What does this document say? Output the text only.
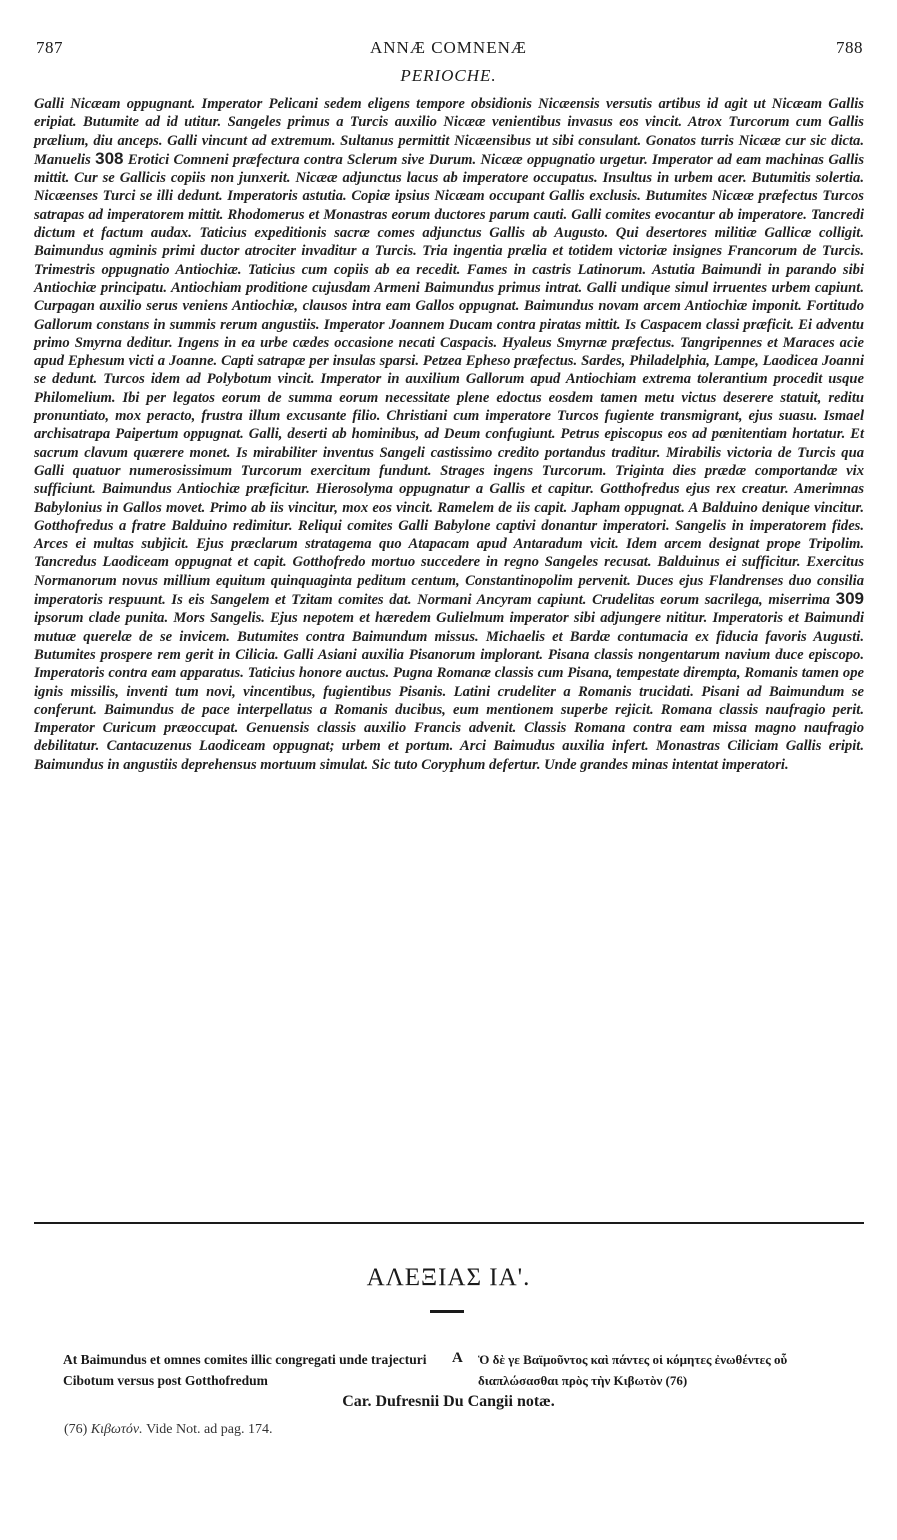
787	ANNÆ COMNENÆ	788
PERIOCHE.
Galli Nicæam oppugnant. Imperator Pelicani sedem eligens tempore obsidionis Nicæensis versutis artibus id agit ut Nicæam Gallis eripiat. Butumite ad id utitur. Sangeles primus a Turcis auxilio Nicææ venientibus invasus eos vincit. Atrox Turcorum cum Gallis prælium, diu anceps. Galli vincunt ad extremum. Sultanus permittit Nicæensibus ut sibi consulant. Gonatos turris Nicææ cur sic dicta. Manuelis 308 Erotici Comneni præfectura contra Sclerum sive Durum. Nicææ oppugnatio urgetur. Imperator ad eam machinas Gallis mittit. Cur se Gallicis copiis non junxerit. Nicææ adjunctus lacus ab imperatore occupatus. Insultus in urbem acer. Butumitis solertia. Nicæenses Turci se illi dedunt. Imperatoris astutia. Copiæ ipsius Nicæam occupant Gallis exclusis. Butumites Nicææ præfectus Turcos satrapas ad imperatorem mittit. Rhodomerus et Monastras eorum ductores parum cauti. Galli comites evocantur ab imperatore. Tancredi dictum et factum audax. Taticius expeditionis sacræ comes adjunctus Gallis ab Augusto. Qui desertores militiæ Gallicæ colligit. Baimundus agminis primi ductor atrociter invaditur a Turcis. Tria ingentia prælia et totidem victoriæ insignes Francorum de Turcis. Trimestris oppugnatio Antiochiæ. Taticius cum copiis ab ea recedit. Fames in castris Latinorum. Astutia Baimundi in parando sibi Antiochiæ principatu. Antiochiam proditione cujusdam Armeni Baimundus primus intrat. Galli undique simul irruentes urbem capiunt. Curpagan auxilio serus veniens Antiochiæ, clausos intra eam Gallos oppugnat. Baimundus novam arcem Antiochiæ imponit. Fortitudo Gallorum constans in summis rerum angustiis. Imperator Joannem Ducam contra piratas mittit. Is Caspacem classi præficit. Ei adventu primo Smyrna deditur. Ingens in ea urbe cædes occasione necati Caspacis. Hyaleus Smyrnæ præfectus. Tangripennes et Maraces acie apud Ephesum victi a Joanne. Capti satrapæ per insulas sparsi. Petzea Epheso præfectus. Sardes, Philadelphia, Lampe, Laodicea Joanni se dedunt. Turcos idem ad Polybotum vincit. Imperator in auxilium Gallorum apud Antiochiam extrema tolerantium procedit usque Philomelium. Ibi per legatos eorum de summa eorum necessitate plene edoctus eosdem tamen metu victus deserere statuit, reditu pronuntiato, mox peracto, frustra illum excusante filio. Christiani cum imperatore Turcos fugiente transmigrant, ejus suasu. Ismael archisatrapa Paipertum oppugnat. Galli, deserti ab hominibus, ad Deum confugiunt. Petrus episcopus eos ad pœnitentiam hortatur. Et sacrum clavum quærere monet. Is mirabiliter inventus Sangeli castissimo credito portandus traditur. Mirabilis victoria de Turcis qua Galli quatuor numerosissimum Turcorum exercitum fundunt. Strages ingens Turcorum. Triginta dies prædæ comportandæ vix sufficiunt. Baimundus Antiochiæ præficitur. Hierosolyma oppugnatur a Gallis et capitur. Gotthofredus ejus rex creatur. Amerimnas Babylonius in Gallos movet. Primo ab iis vincitur, mox eos vincit. Ramelem de iis capit. Japham oppugnat. A Balduino denique vincitur. Gotthofredus a fratre Balduino redimitur. Reliqui comites Galli Babylone captivi donantur imperatori. Sangelis in imperatorem fides. Arces ei multas subjicit. Ejus præclarum stratagema quo Atapacam apud Antaradum vicit. Idem arcem designat prope Tripolim. Tancredus Laodiceam oppugnat et capit. Gotthofredo mortuo succedere in regno Sangeles recusat. Balduinus ei sufficitur. Exercitus Normanorum novus millium equitum quinquaginta peditum centum, Constantinopolim pervenit. Duces ejus Flandrenses duo consilia imperatoris respuunt. Is eis Sangelem et Tzitam comites dat. Normani Ancyram capiunt. Crudelitas eorum sacrilega, miserrima 309 ipsorum clade punita. Mors Sangelis. Ejus nepotem et hæredem Gulielmum imperator sibi adjungere nititur. Imperatoris et Baimundi mutuæ querelæ de se invicem. Butumites contra Baimundum missus. Michaelis et Bardæ contumacia ex fiducia favoris Augusti. Butumites prospere rem gerit in Cilicia. Galli Asiani auxilia Pisanorum implorant. Pisana classis nongentarum navium duce episcopo. Imperatoris contra eam apparatus. Taticius honore auctus. Pugna Romanæ classis cum Pisana, tempestate dirempta, Romanis tamen ope ignis missilis, inventi tum novi, vincentibus, fugientibus Pisanis. Latini crudeliter a Romanis trucidati. Pisani ad Baimundum se conferunt. Baimundus de pace interpellatus a Romanis ducibus, eum mentionem superbe rejicit. Romana classis naufragio perit. Imperator Curicum præoccupat. Genuensis classis auxilio Francis advenit. Classis Romana contra eam missa magno naufragio debilitatur. Cantacuzenus Laodiceam oppugnat; urbem et portum. Arci Baimudus auxilia infert. Monastras Ciliciam Gallis eripit. Baimundus in angustiis deprehensus mortuum simulat. Sic tuto Coryphum defertur. Unde grandes minas intentat imperatori.
ΑΛΕΞΙΑΣ ΙΑ'.
At Baimundus et omnes comites illic congregati unde trajecturi Cibotum versus post Gotthofredum
A Ὁ δὲ γε Βαϊμοῦντος καὶ πάντες οἱ κόμητες ἐνωθέντες οὗ διαπλώσασθαι πρὸς τὴν Κιβωτὸν (76)
Car. Dufresnii Du Cangii notæ.
(76) Κιβωτόν. Vide Not. ad pag. 174.
